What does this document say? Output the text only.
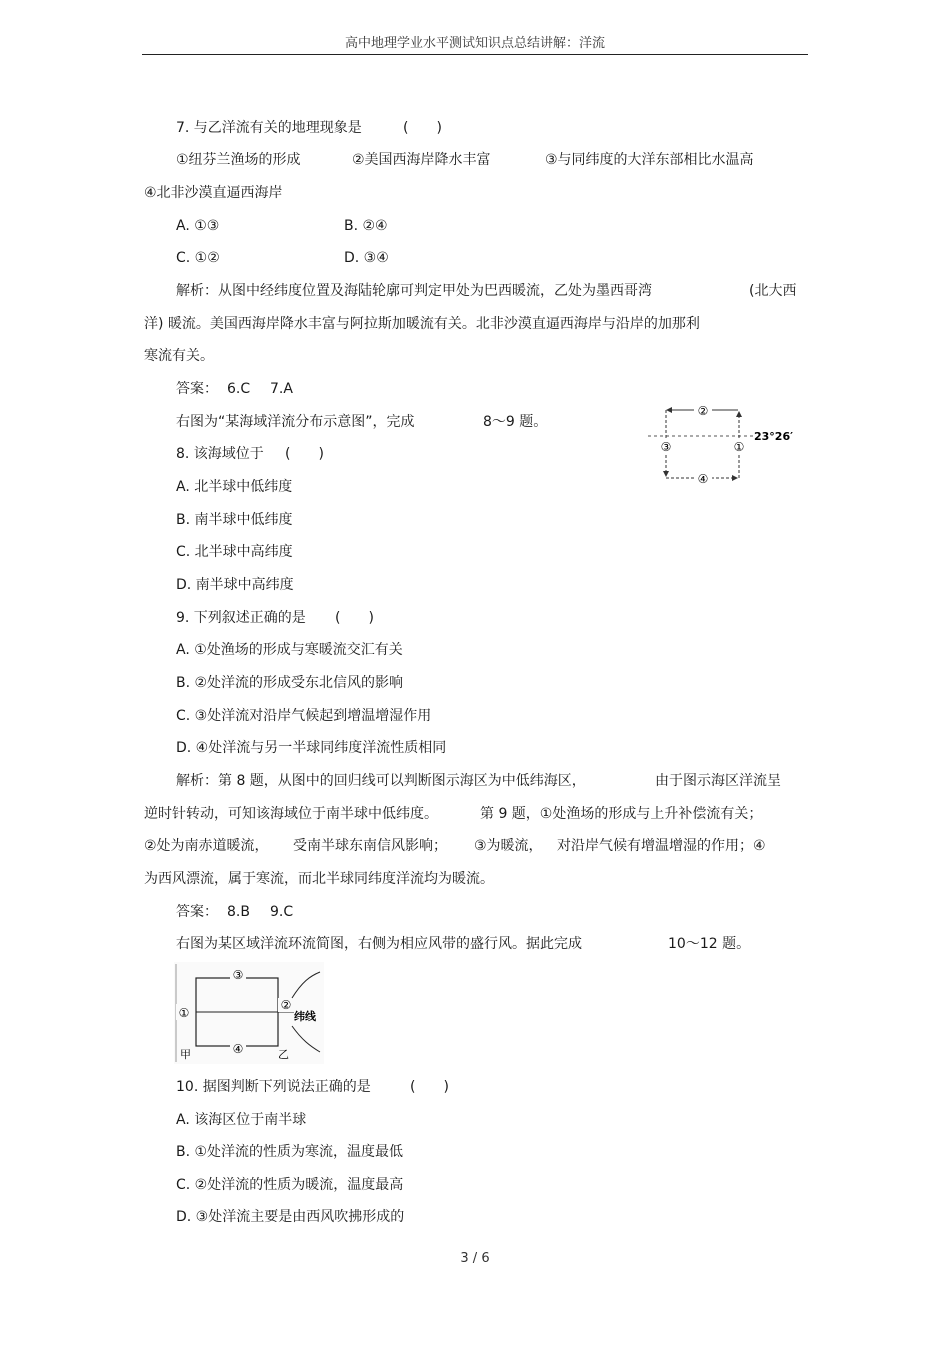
高中地理学业水平测试知识点总结讲解：洋流
7. 与乙洋流有关的地理现象是	(　　)
①纽芬兰渔场的形成	②美国西海岸降水丰富	③与同纬度的大洋东部相比水温高
④北非沙漠直逼西海岸
A. ①③	B. ②④
C. ①②	D. ③④
解析：从图中经纬度位置及海陆轮廓可判定甲处为巴西暖流，乙处为墨西哥湾	(北大西
洋) 暖流。美国西海岸降水丰富与阿拉斯加暖流有关。北非沙漠直逼西海岸与沿岸的加那利
寒流有关。
答案： 6.C 7.A
右图为“某海域洋流分布示意图”，完成	8～9 题。
②
③	①
④
23°26′
8. 该海域位于 (　　)
A. 北半球中低纬度
B. 南半球中低纬度
C. 北半球中高纬度
D. 南半球中高纬度
9. 下列叙述正确的是 (　　)
A. ①处渔场的形成与寒暖流交汇有关
B. ②处洋流的形成受东北信风的影响
C. ③处洋流对沿岸气候起到增温增湿作用
D. ④处洋流与另一半球同纬度洋流性质相同
解析：第 8 题，从图中的回归线可以判断图示海区为中低纬海区，	由于图示海区洋流呈
逆时针转动，可知该海域位于南半球中低纬度。	第 9 题，①处渔场的形成与上升补偿流有关；
②处为南赤道暖流， 受南半球东南信风影响； ③为暖流， 对沿岸气候有增温增湿的作用；④
为西风漂流，属于寒流，而北半球同纬度洋流均为暖流。
答案： 8.B 9.C
右图为某区域洋流环流简图，右侧为相应风带的盛行风。据此完成	10～12 题。
③
①
②
④
甲	乙
纬线
10. 据图判断下列说法正确的是	(　　)
A. 该海区位于南半球
B. ①处洋流的性质为寒流，温度最低
C. ②处洋流的性质为暖流，温度最高
D. ③处洋流主要是由西风吹拂形成的
3 / 6
